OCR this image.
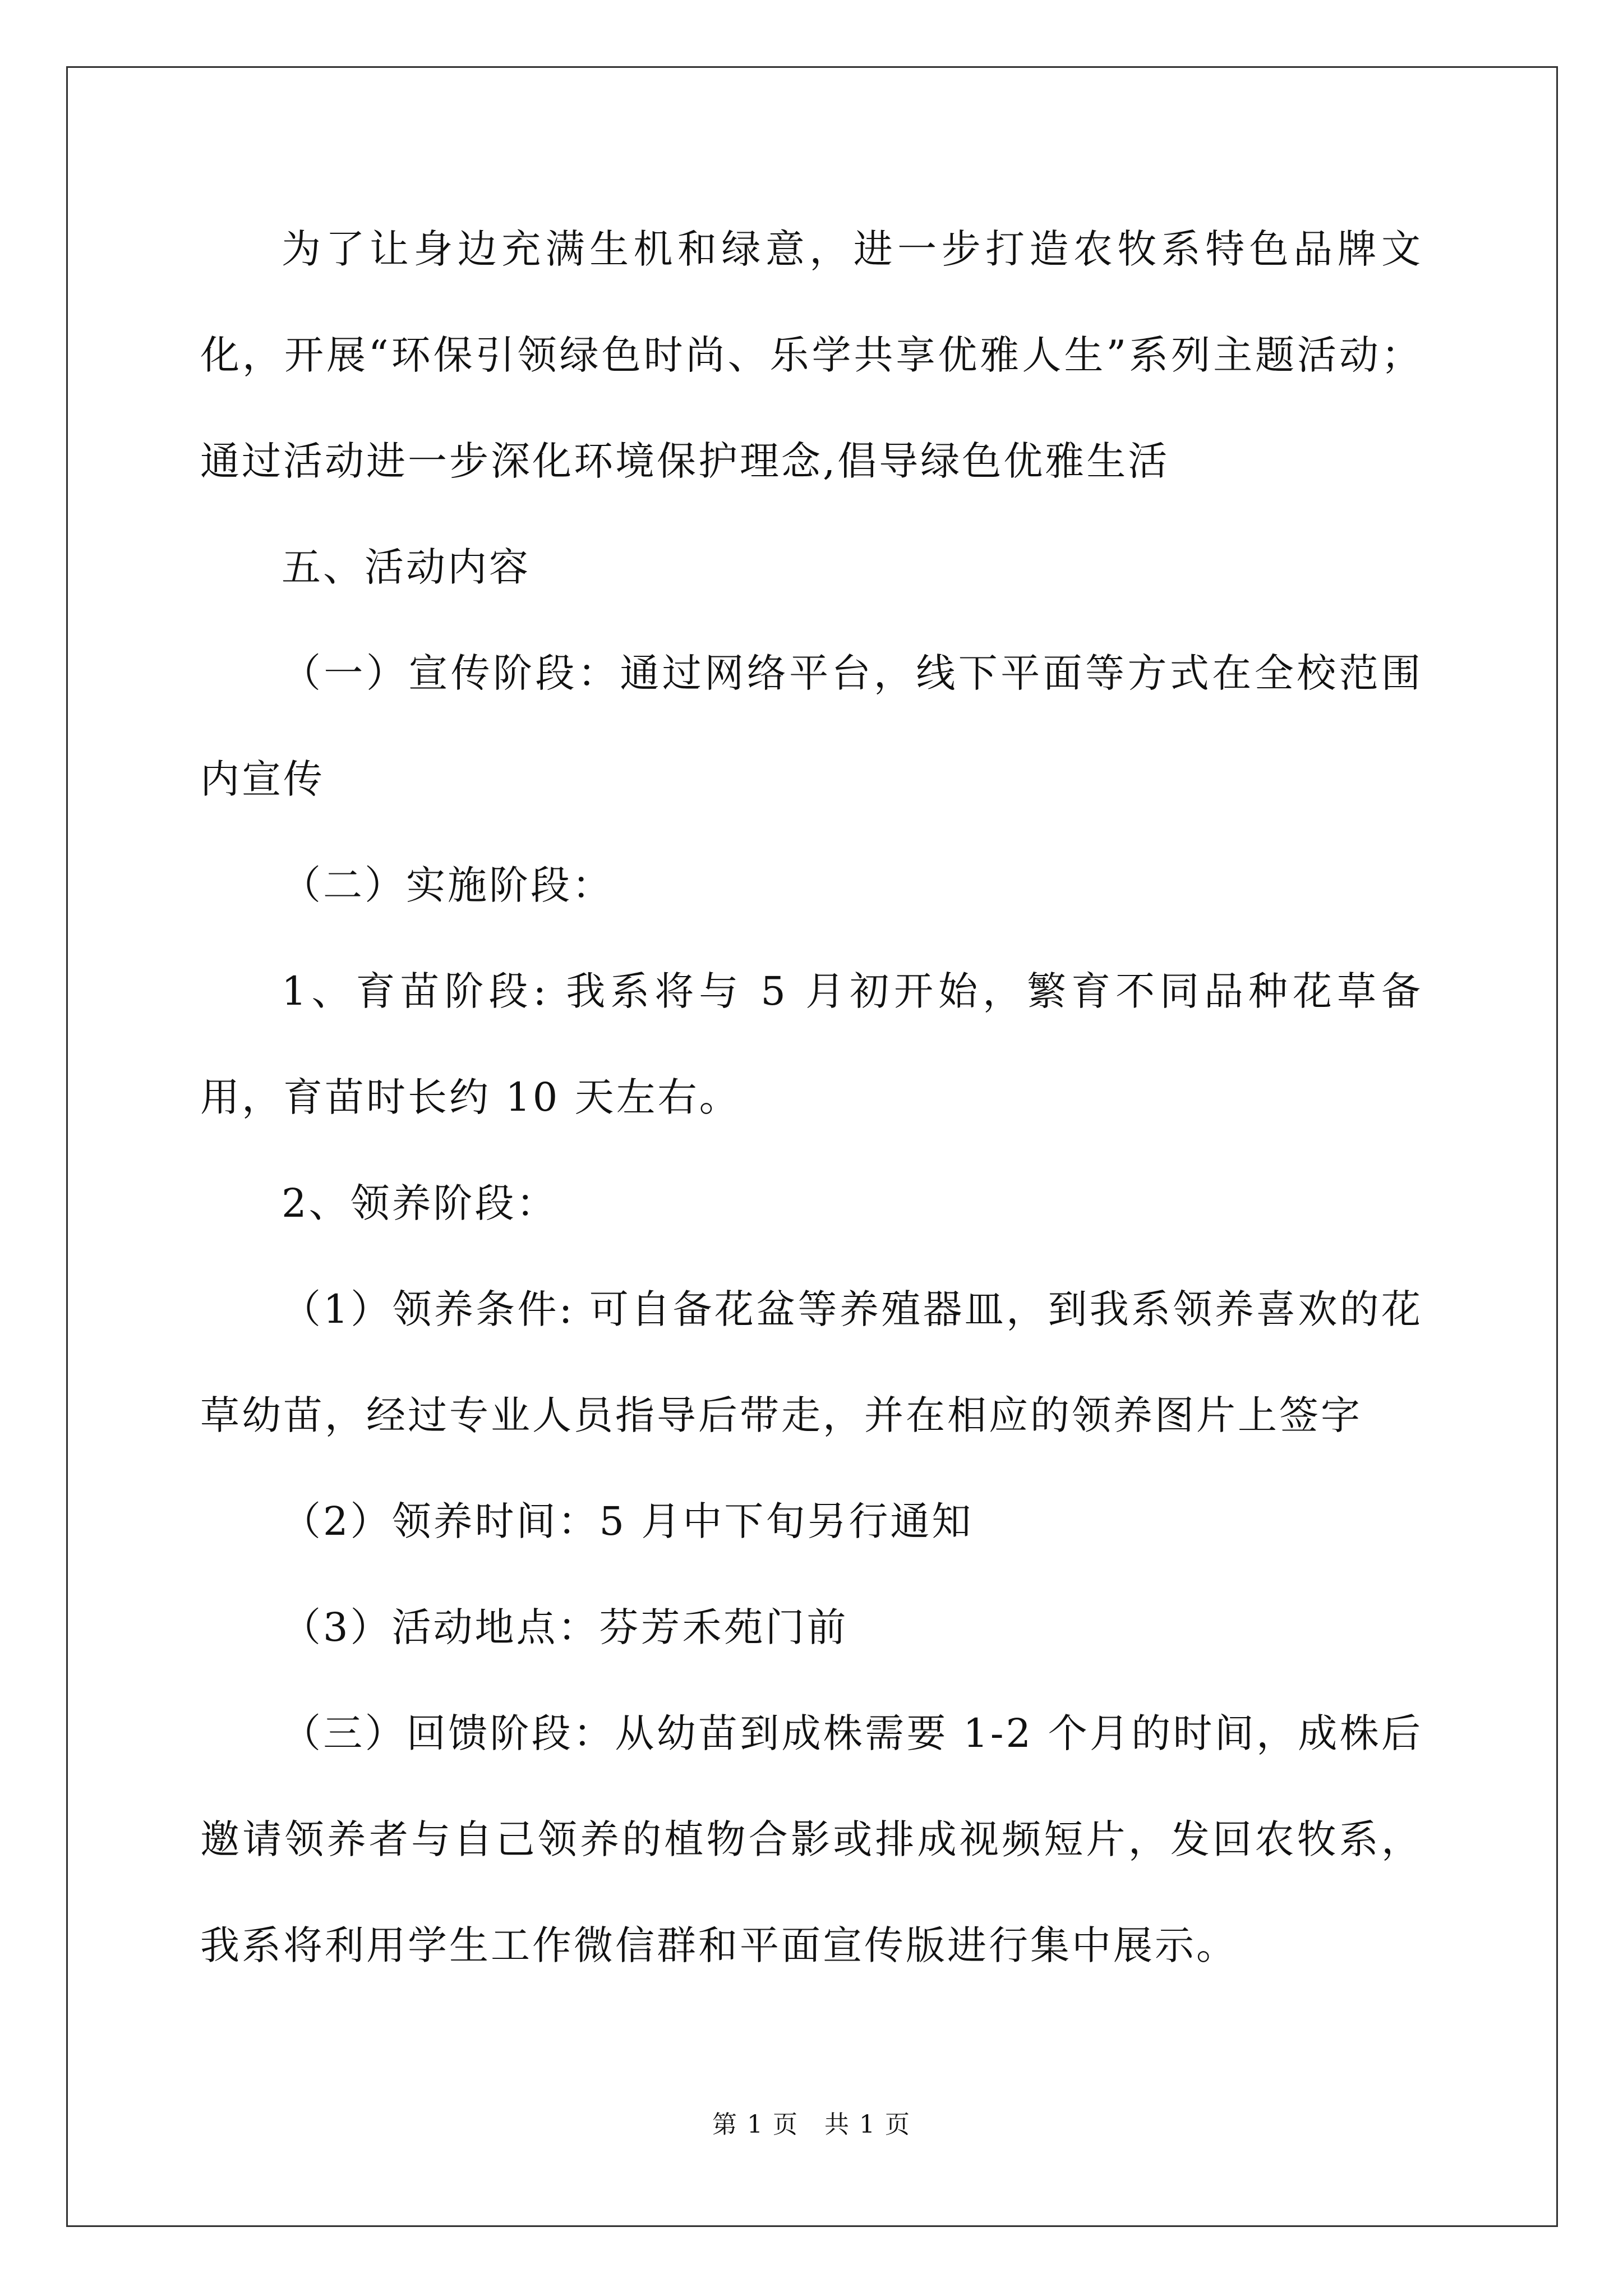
为了让身边充满生机和绿意，进一步打造农牧系特色品牌文化，开展“环保引领绿色时尚、乐学共享优雅人生”系列主题活动；通过活动进一步深化环境保护理念,倡导绿色优雅生活

五、活动内容

（一）宣传阶段：通过网络平台，线下平面等方式在全校范围内宣传

（二）实施阶段：

1、育苗阶段: 我系将与 5 月初开始，繁育不同品种花草备用，育苗时长约 10 天左右。

2、领养阶段：

（1）领养条件: 可自备花盆等养殖器皿，到我系领养喜欢的花草幼苗，经过专业人员指导后带走，并在相应的领养图片上签字

（2）领养时间：5 月中下旬另行通知

（3）活动地点：芬芳禾苑门前

（三）回馈阶段：从幼苗到成株需要 1-2 个月的时间，成株后邀请领养者与自己领养的植物合影或排成视频短片，发回农牧系，我系将利用学生工作微信群和平面宣传版进行集中展示。

第 1 页　共 1 页
